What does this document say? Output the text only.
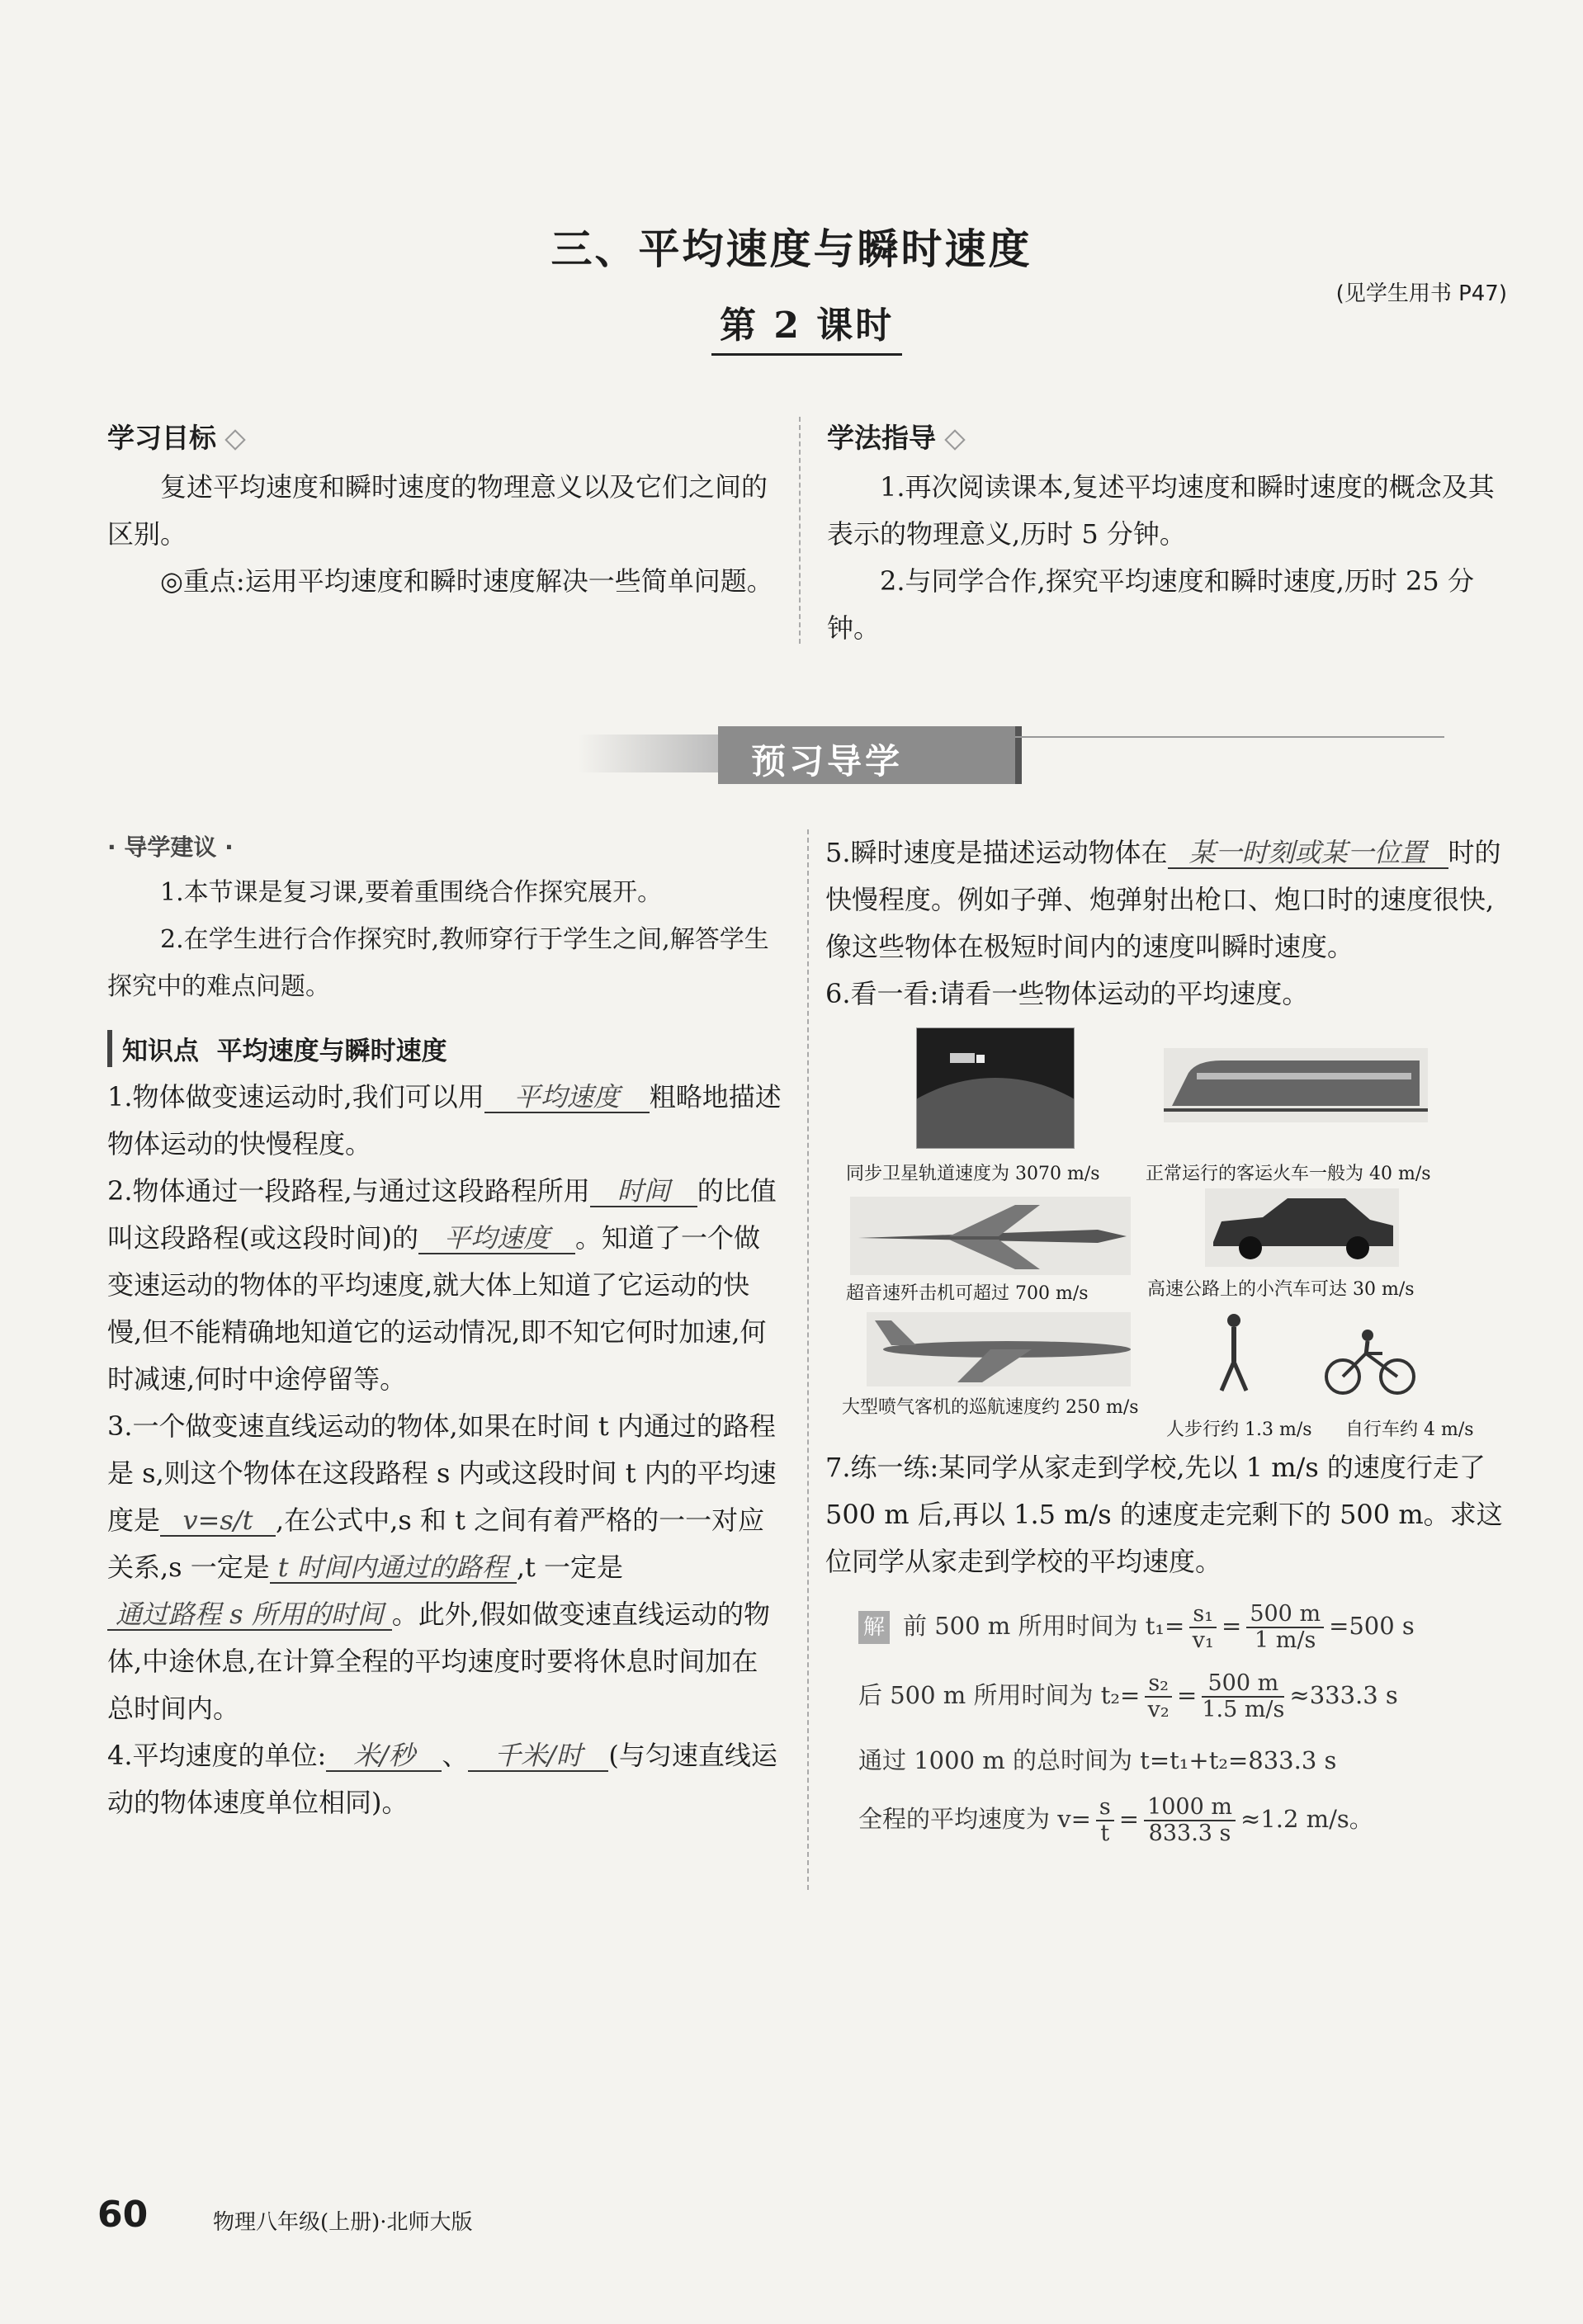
三、平均速度与瞬时速度
(见学生用书 P47)
第 2 课时
学习目标
复述平均速度和瞬时速度的物理意义以及它们之间的区别。
◎重点:运用平均速度和瞬时速度解决一些简单问题。
学法指导
1.再次阅读课本,复述平均速度和瞬时速度的概念及其表示的物理意义,历时 5 分钟。
2.与同学合作,探究平均速度和瞬时速度,历时 25 分钟。
预习导学
· 导学建议 ·
1.本节课是复习课,要着重围绕合作探究展开。
2.在学生进行合作探究时,教师穿行于学生之间,解答学生探究中的难点问题。
知识点 平均速度与瞬时速度
1.物体做变速运动时,我们可以用 平均速度 粗略地描述物体运动的快慢程度。
2.物体通过一段路程,与通过这段路程所用 时间 的比值叫这段路程(或这段时间)的 平均速度 。知道了一个做变速运动的物体的平均速度,就大体上知道了它运动的快慢,但不能精确地知道它的运动情况,即不知它何时加速,何时减速,何时中途停留等。
3.一个做变速直线运动的物体,如果在时间 t 内通过的路程是 s,则这个物体在这段路程 s 内或这段时间 t 内的平均速度是 v=s/t ,在公式中,s 和 t 之间有着严格的一一对应关系,s 一定是 t 时间内通过的路程 ,t 一定是通过路程 s 所用的时间 。此外,假如做变速直线运动的物体,中途休息,在计算全程的平均速度时要将休息时间加在总时间内。
4.平均速度的单位: 米/秒 、 千米/时 (与匀速直线运动的物体速度单位相同)。
5.瞬时速度是描述运动物体在 某一时刻或某一位置 时的快慢程度。例如子弹、炮弹射出枪口、炮口时的速度很快,像这些物体在极短时间内的速度叫瞬时速度。
6.看一看:请看一些物体运动的平均速度。
同步卫星轨道速度为 3070 m/s	正常运行的客运火车一般为 40 m/s
超音速歼击机可超过 700 m/s	高速公路上的小汽车可达 30 m/s
大型喷气客机的巡航速度约 250 m/s
人步行约 1.3 m/s 自行车约 4 m/s
7.练一练:某同学从家走到学校,先以 1 m/s 的速度行走了 500 m 后,再以 1.5 m/s 的速度走完剩下的 500 m。求这位同学从家走到学校的平均速度。
解 前 500 m 所用时间为 $t_1= \frac{\text{s₁}}{\text{v₁}} = \frac{500 m}{1 m/s} =500$ s
后 500 m 所用时间为 $t_2= \frac{\text{s₂}}{\text{v₂}} = \frac{500 m}{1.5 m/s} \approx 333.3$ s
通过 1000 m 的总时间为 t=t₁+t₂=833.3 s
全程的平均速度为 $v= \frac{s}{t} = \frac{1000 m}{833.3 s} \approx 1.2$ m/s。
60	物理八年级(上册)·北师大版
